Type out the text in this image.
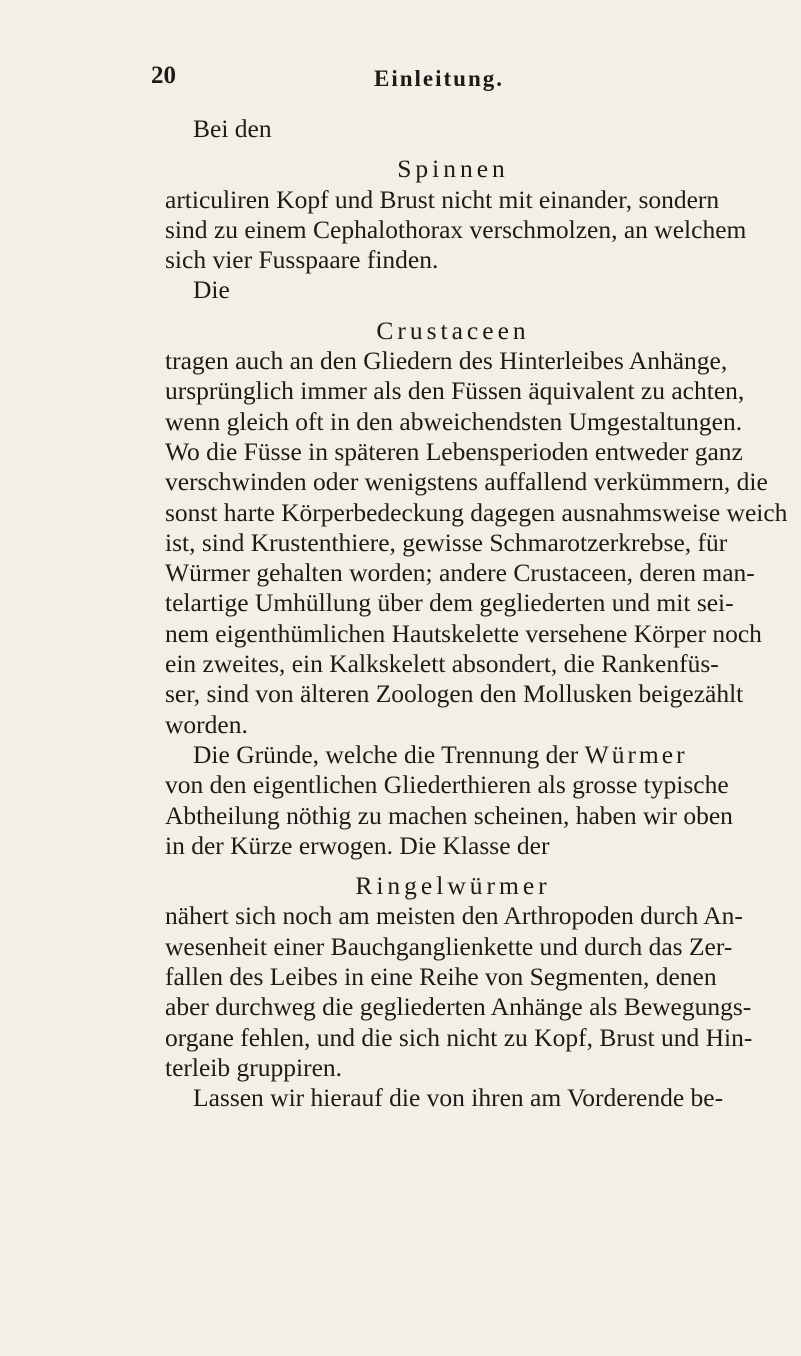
20	Einleitung.
Bei den
Spinnen
articuliren Kopf und Brust nicht mit einander, sondern
sind zu einem Cephalothorax verschmolzen, an welchem
sich vier Fusspaare finden.
Die
Crustaceen
tragen auch an den Gliedern des Hinterleibes Anhänge,
ursprünglich immer als den Füssen äquivalent zu achten,
wenn gleich oft in den abweichendsten Umgestaltungen.
Wo die Füsse in späteren Lebensperioden entweder ganz
verschwinden oder wenigstens auffallend verkümmern, die
sonst harte Körperbedeckung dagegen ausnahmsweise weich
ist, sind Krustenthiere, gewisse Schmarotzerkrebse, für
Würmer gehalten worden; andere Crustaceen, deren man-
telartige Umhüllung über dem gegliederten und mit sei-
nem eigenthümlichen Hautskelette versehene Körper noch
ein zweites, ein Kalkskelett absondert, die Rankenfüs-
ser, sind von älteren Zoologen den Mollusken beigezählt
worden.
Die Gründe, welche die Trennung der Würmer
von den eigentlichen Gliederthieren als grosse typische
Abtheilung nöthig zu machen scheinen, haben wir oben
in der Kürze erwogen. Die Klasse der
Ringelwürmer
nähert sich noch am meisten den Arthropoden durch An-
wesenheit einer Bauchganglienkette und durch das Zer-
fallen des Leibes in eine Reihe von Segmenten, denen
aber durchweg die gegliederten Anhänge als Bewegungs-
organe fehlen, und die sich nicht zu Kopf, Brust und Hin-
terleib gruppiren.
Lassen wir hierauf die von ihren am Vorderende be-
